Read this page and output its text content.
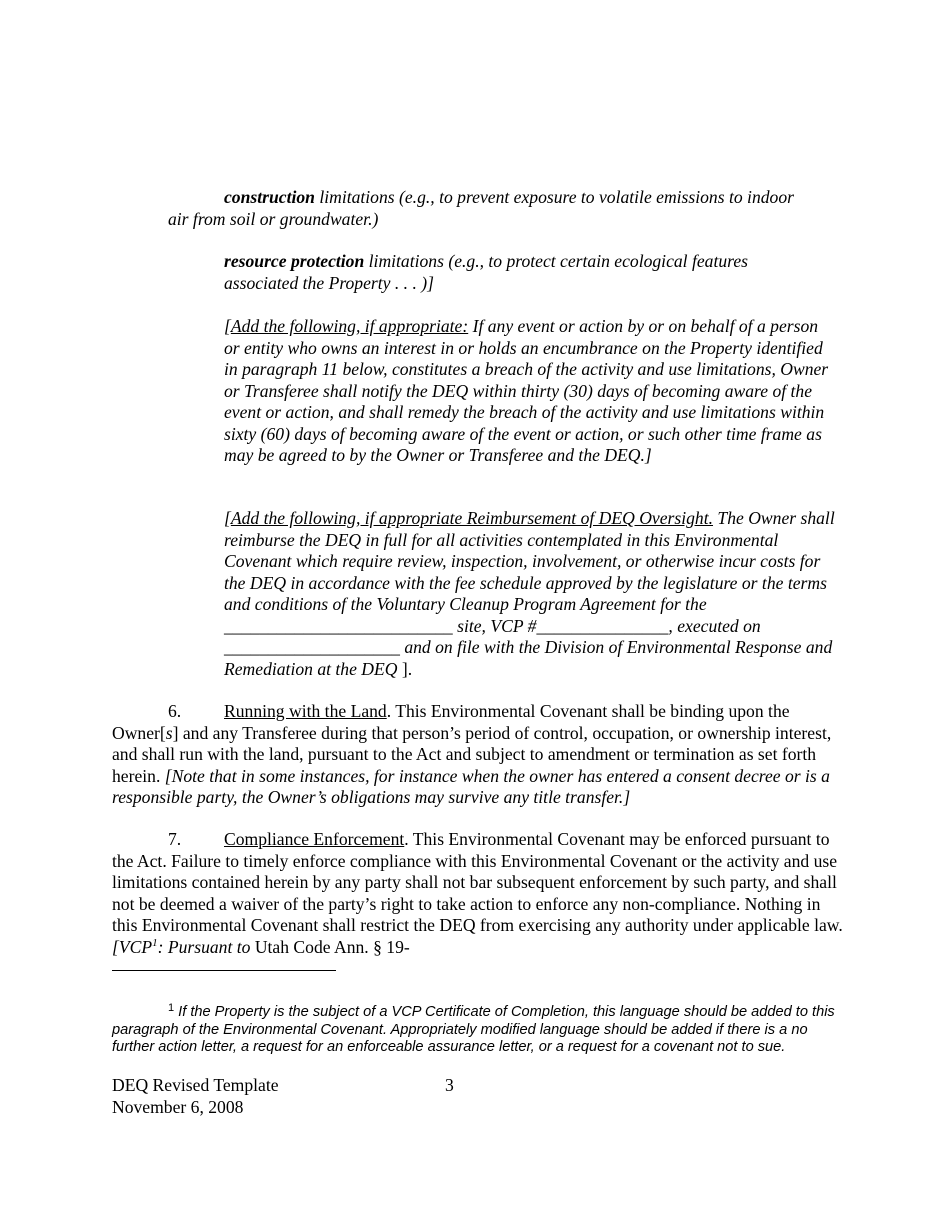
construction limitations (e.g., to prevent exposure to volatile emissions to indoor air from soil or groundwater.)
resource protection limitations (e.g., to protect certain ecological features associated the Property . . . )]
[Add the following, if appropriate: If any event or action by or on behalf of a person or entity who owns an interest in or holds an encumbrance on the Property identified in paragraph 11 below, constitutes a breach of the activity and use limitations, Owner or Transferee shall notify the DEQ within thirty (30) days of becoming aware of the event or action, and shall remedy the breach of the activity and use limitations within sixty (60) days of becoming aware of the event or action, or such other time frame as may be agreed to by the Owner or Transferee and the DEQ.]
[Add the following, if appropriate Reimbursement of DEQ Oversight. The Owner shall reimburse the DEQ in full for all activities contemplated in this Environmental Covenant which require review, inspection, involvement, or otherwise incur costs for the DEQ in accordance with the fee schedule approved by the legislature or the terms and conditions of the Voluntary Cleanup Program Agreement for the __________________________ site, VCP #_______________, executed on ____________________ and on file with the Division of Environmental Response and Remediation at the DEQ ].
6. Running with the Land. This Environmental Covenant shall be binding upon the Owner[s] and any Transferee during that person’s period of control, occupation, or ownership interest, and shall run with the land, pursuant to the Act and subject to amendment or termination as set forth herein. [Note that in some instances, for instance when the owner has entered a consent decree or is a responsible party, the Owner’s obligations may survive any title transfer.]
7. Compliance Enforcement. This Environmental Covenant may be enforced pursuant to the Act. Failure to timely enforce compliance with this Environmental Covenant or the activity and use limitations contained herein by any party shall not bar subsequent enforcement by such party, and shall not be deemed a waiver of the party’s right to take action to enforce any non-compliance. Nothing in this Environmental Covenant shall restrict the DEQ from exercising any authority under applicable law. [VCP$^1$: Pursuant to Utah Code Ann. § 19-
$^1$ If the Property is the subject of a VCP Certificate of Completion, this language should be added to this paragraph of the Environmental Covenant. Appropriately modified language should be added if there is a no further action letter, a request for an enforceable assurance letter, or a request for a covenant not to sue.
DEQ Revised Template
November 6, 2008
3
